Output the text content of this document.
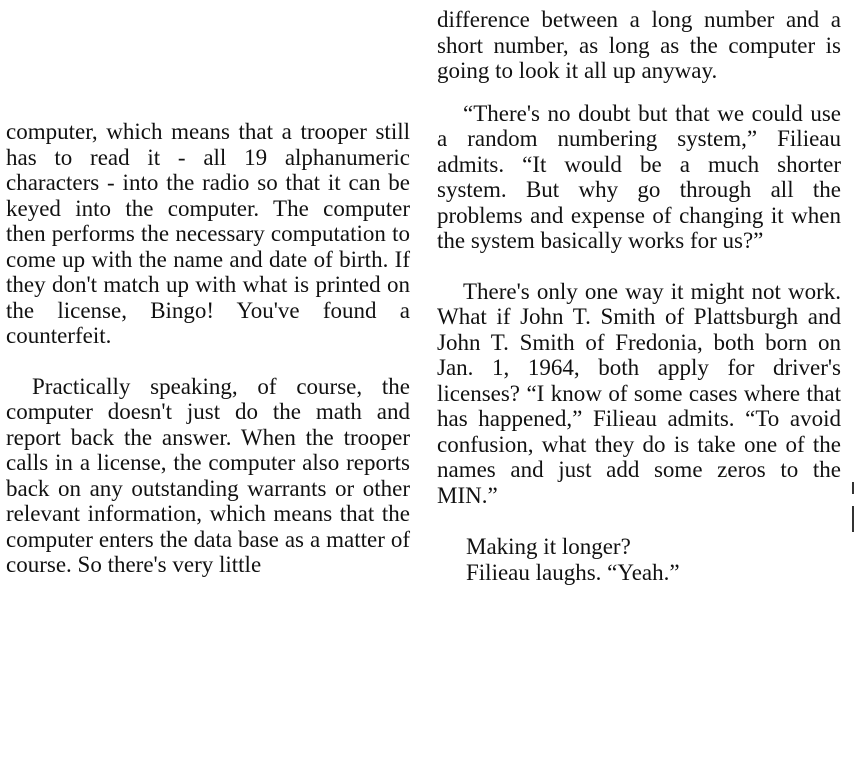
computer, which means that a trooper still has to read it - all 19 alphanumeric characters - into the radio so that it can be keyed into the computer. The computer then performs the necessary computation to come up with the name and date of birth. If they don't match up with what is printed on the license, Bingo! You've found a counterfeit.

Practically speaking, of course, the computer doesn't just do the math and report back the answer. When the trooper calls in a license, the computer also reports back on any outstanding warrants or other relevant information, which means that the computer enters the data base as a matter of course. So there's very little

difference between a long number and a short number, as long as the computer is going to look it all up anyway.

“There's no doubt but that we could use a random numbering system,” Filieau admits. “It would be a much shorter system. But why go through all the problems and expense of changing it when the system basically works for us?”

There's only one way it might not work. What if John T. Smith of Plattsburgh and John T. Smith of Fredonia, both born on Jan. 1, 1964, both apply for driver's licenses? “I know of some cases where that has happened,” Filieau admits. “To avoid confusion, what they do is take one of the names and just add some zeros to the MIN.”

Making it longer?
Filieau laughs. “Yeah.”
